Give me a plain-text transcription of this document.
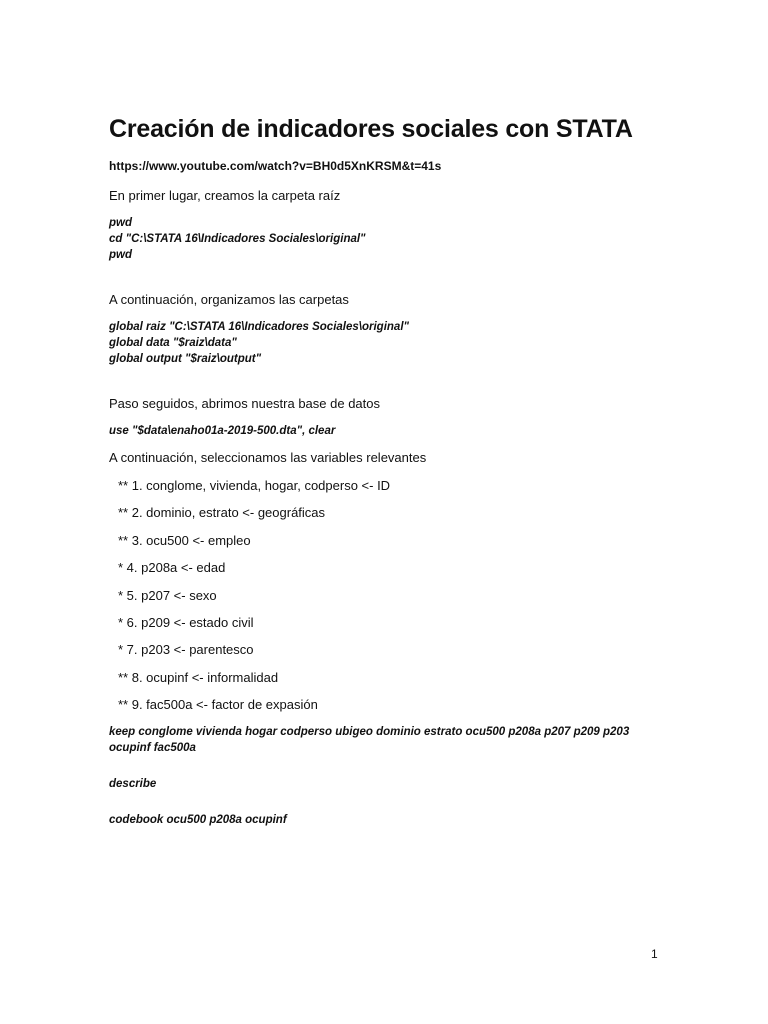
Creación de indicadores sociales con STATA
https://www.youtube.com/watch?v=BH0d5XnKRSM&t=41s

En primer lugar, creamos la carpeta raíz

pwd
cd "C:\STATA 16\Indicadores Sociales\original"
pwd

A continuación, organizamos las carpetas

global raiz "C:\STATA 16\Indicadores Sociales\original"
global data "$raiz\data"
global output "$raiz\output"

Paso seguidos, abrimos nuestra base de datos

use "$data\enaho01a-2019-500.dta", clear

A continuación, seleccionamos las variables relevantes

** 1. conglome, vivienda, hogar, codperso <- ID
** 2. dominio, estrato <- geográficas
** 3. ocu500 <- empleo
* 4. p208a <- edad
* 5. p207 <- sexo
* 6. p209 <- estado civil
* 7. p203 <- parentesco
** 8. ocupinf <- informalidad
** 9. fac500a <- factor de expasión
keep conglome vivienda hogar codperso ubigeo dominio estrato ocu500 p208a p207 p209 p203
ocupinf fac500a
describe
codebook ocu500 p208a ocupinf
1
